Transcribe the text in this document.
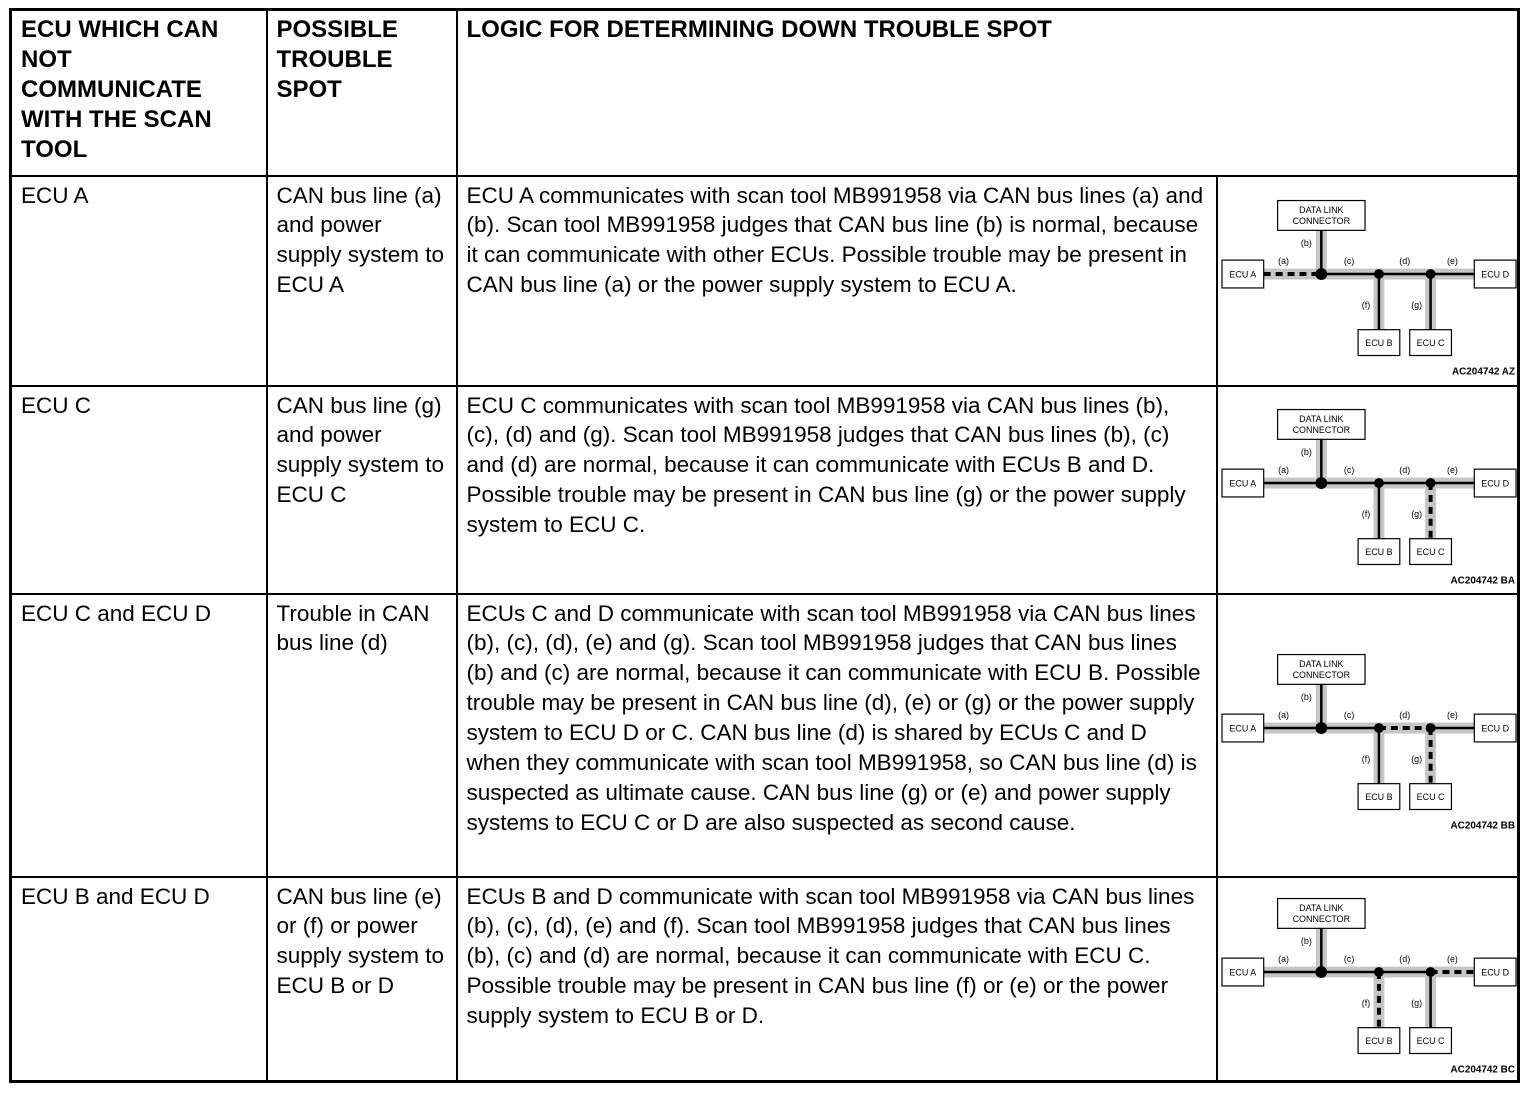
ECU WHICH CAN NOT COMMUNICATE WITH THE SCAN TOOL	POSSIBLE TROUBLE SPOT	LOGIC FOR DETERMINING DOWN TROUBLE SPOT	
ECU A	CAN bus line (a) and power supply system to ECU A	ECU A communicates with scan tool MB991958 via CAN bus lines (a) and (b). Scan tool MB991958 judges that CAN bus line (b) is normal, because it can communicate with other ECUs. Possible trouble may be present in CAN bus line (a) or the power supply system to ECU A.	
DATA LINK
CONNECTOR
ECU A	ECU D
ECU B	ECU C
(a)
(b)
(c)	(d)	(e)
(f)	(g)
AC204742 AZ

ECU C	CAN bus line (g) and power supply system to ECU C	ECU C communicates with scan tool MB991958 via CAN bus lines (b), (c), (d) and (g). Scan tool MB991958 judges that CAN bus lines (b), (c) and (d) are normal, because it can communicate with ECUs B and D. Possible trouble may be present in CAN bus line (g) or the power supply system to ECU C.	
DATA LINK
CONNECTOR
ECU A	ECU D
ECU B	ECU C
(a)
(b)
(c)	(d)	(e)
(f)	(g)
AC204742 BA

ECU C and ECU D	Trouble in CAN bus line (d)	ECUs C and D communicate with scan tool MB991958 via CAN bus lines (b), (c), (d), (e) and (g). Scan tool MB991958 judges that CAN bus lines (b) and (c) are normal, because it can communicate with ECU B. Possible trouble may be present in CAN bus line (d), (e) or (g) or the power supply system to ECU D or C. CAN bus line (d) is shared by ECUs C and D when they communicate with scan tool MB991958, so CAN bus line (d) is suspected as ultimate cause. CAN bus line (g) or (e) and power supply systems to ECU C or D are also suspected as second cause.	
DATA LINK
CONNECTOR
ECU A	ECU D
ECU B	ECU C
(a)
(b)
(c)	(d)	(e)
(f)	(g)
AC204742 BB

ECU B and ECU D	CAN bus line (e) or (f) or power supply system to ECU B or D	ECUs B and D communicate with scan tool MB991958 via CAN bus lines (b), (c), (d), (e) and (f). Scan tool MB991958 judges that CAN bus lines (b), (c) and (d) are normal, because it can communicate with ECU C. Possible trouble may be present in CAN bus line (f) or (e) or the power supply system to ECU B or D.	
DATA LINK
CONNECTOR
ECU A	ECU D
ECU B	ECU C
(a)
(b)
(c)	(d)	(e)
(f)	(g)
AC204742 BC
